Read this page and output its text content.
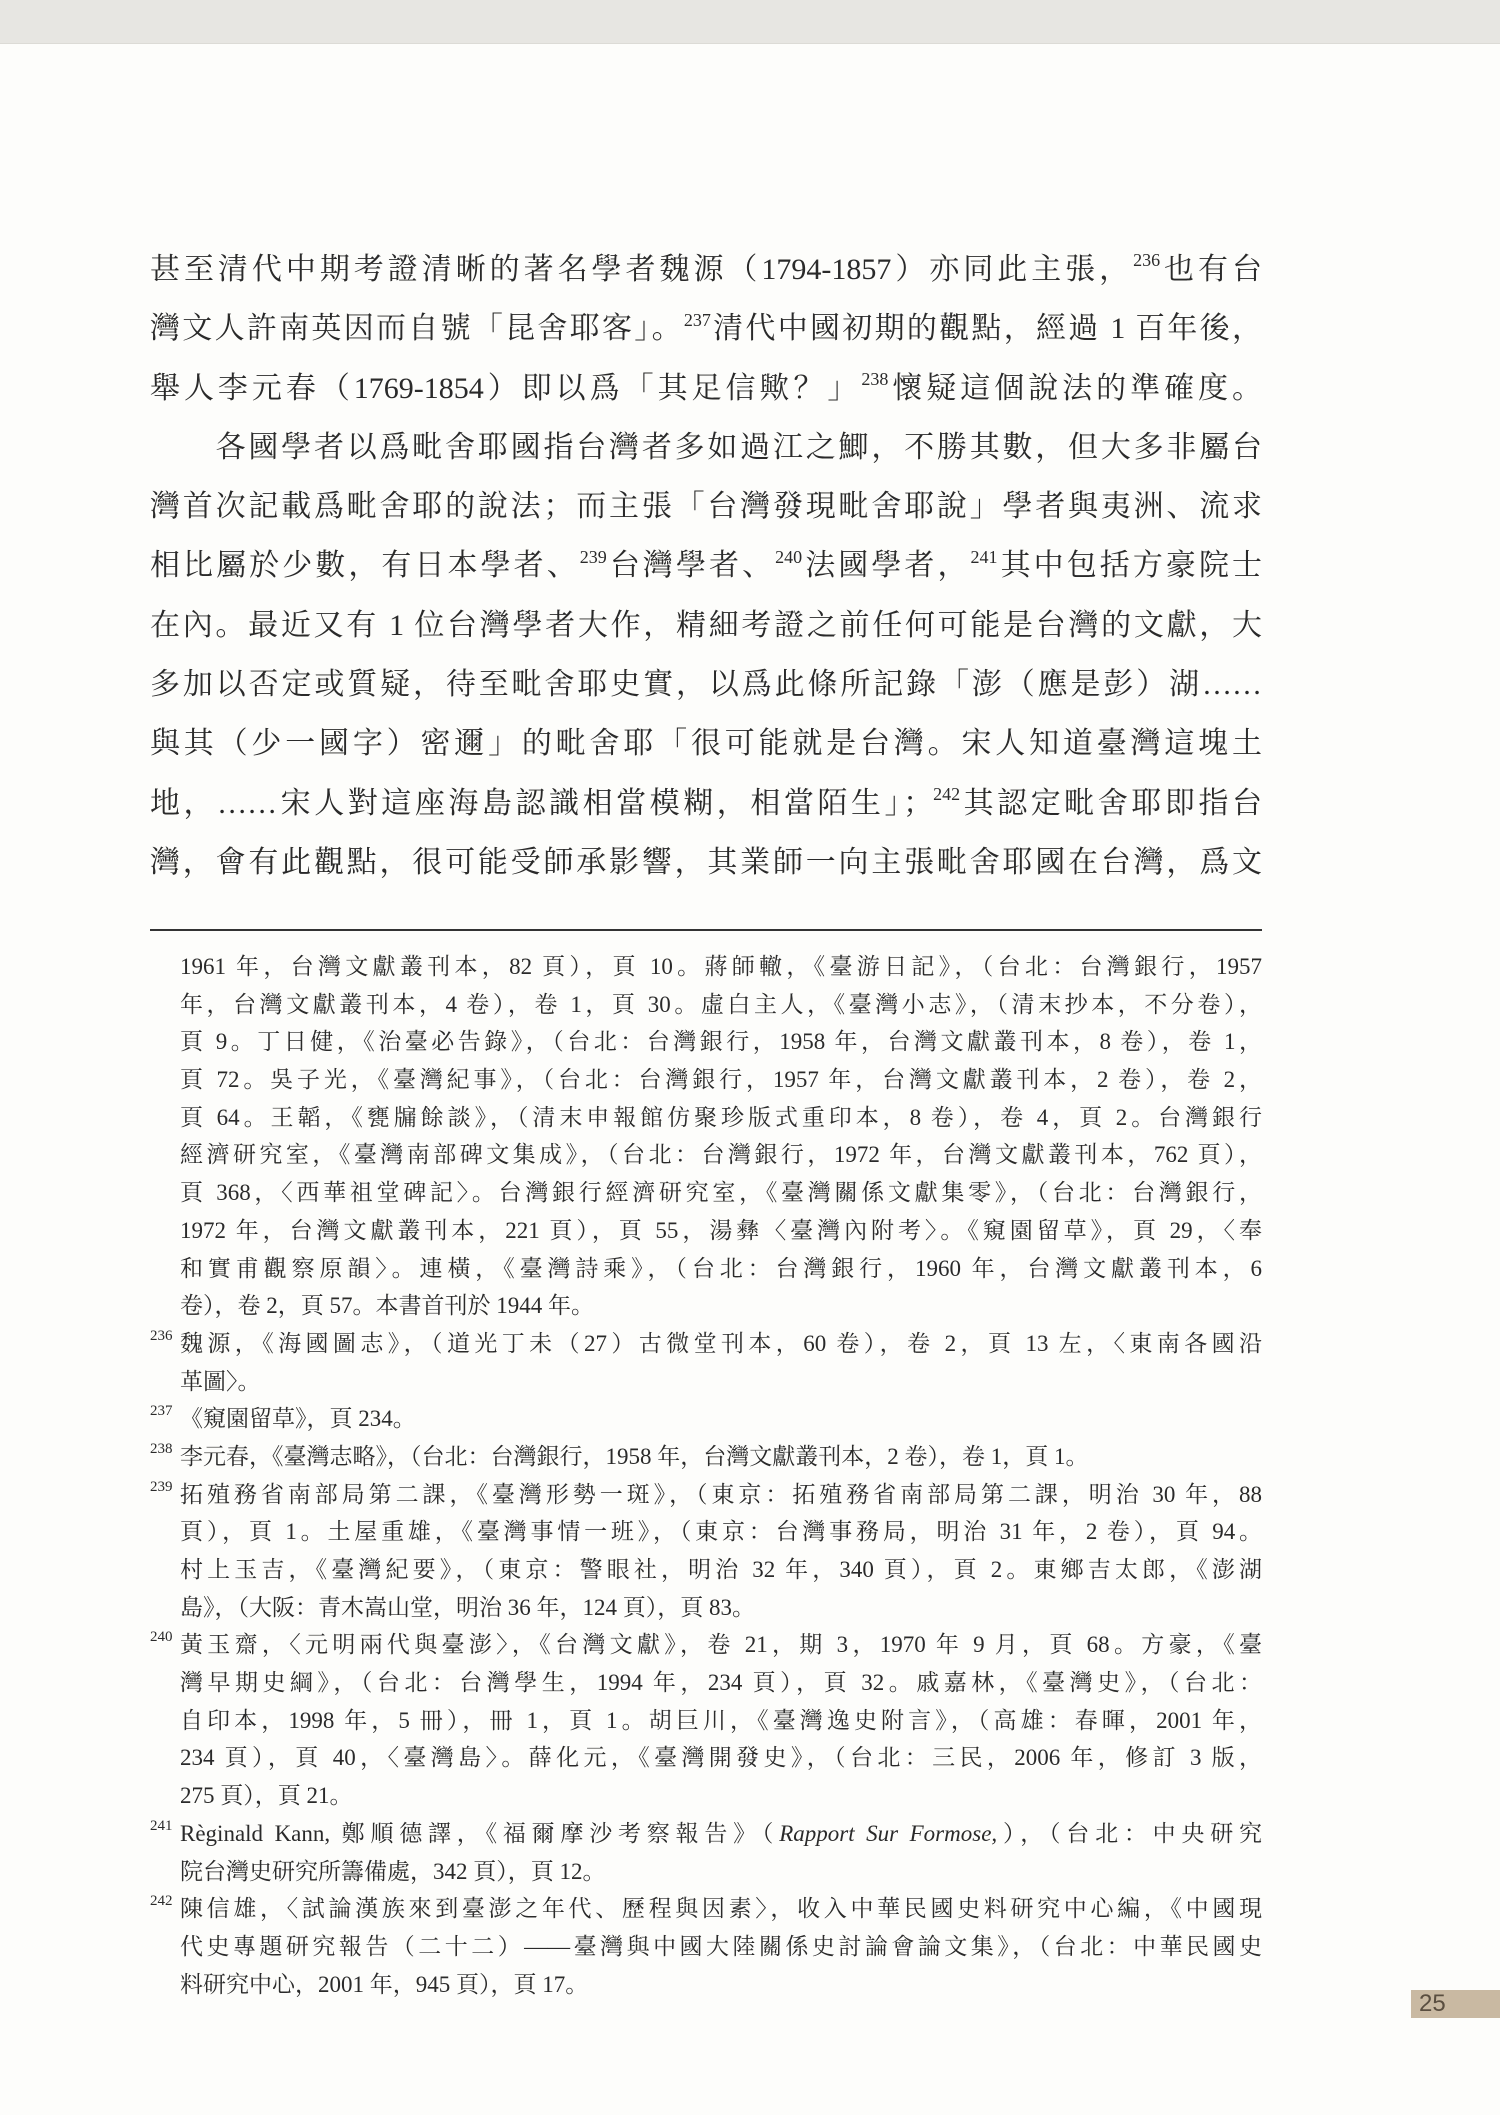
甚至清代中期考證清晰的著名學者魏源（1794-1857）亦同此主張，$^{236}$也有台
灣文人許南英因而自號「昆舍耶客」。$^{237}$清代中國初期的觀點，經過 1 百年後，
舉人李元春（1769-1854）即以爲「其足信歟？」$^{238}$懷疑這個說法的準確度。
　　各國學者以爲毗舍耶國指台灣者多如過江之鯽，不勝其數，但大多非屬台
灣首次記載爲毗舍耶的說法；而主張「台灣發現毗舍耶說」學者與夷洲、流求
相比屬於少數，有日本學者、$^{239}$台灣學者、$^{240}$法國學者，$^{241}$其中包括方豪院士
在內。最近又有 1 位台灣學者大作，精細考證之前任何可能是台灣的文獻，大
多加以否定或質疑，待至毗舍耶史實，以爲此條所記錄「澎（應是彭）湖……
與其（少一國字）密邇」的毗舍耶「很可能就是台灣。宋人知道臺灣這塊土
地，……宋人對這座海島認識相當模糊，相當陌生」；$^{242}$其認定毗舍耶即指台
灣，會有此觀點，很可能受師承影響，其業師一向主張毗舍耶國在台灣，爲文
1961 年，台灣文獻叢刊本，82 頁），頁 10。蔣師轍，《臺游日記》，（台北：台灣銀行，1957
年，台灣文獻叢刊本，4 卷），卷 1，頁 30。虛白主人，《臺灣小志》，（清末抄本，不分卷），
頁 9。丁日健，《治臺必告錄》，（台北：台灣銀行，1958 年，台灣文獻叢刊本，8 卷），卷 1，
頁 72。吳子光，《臺灣紀事》，（台北：台灣銀行，1957 年，台灣文獻叢刊本，2 卷），卷 2，
頁 64。王韜，《甕牖餘談》，（清末申報館仿聚珍版式重印本，8 卷），卷 4，頁 2。台灣銀行
經濟研究室，《臺灣南部碑文集成》，（台北：台灣銀行，1972 年，台灣文獻叢刊本，762 頁），
頁 368，〈西華祖堂碑記〉。台灣銀行經濟研究室，《臺灣關係文獻集零》，（台北：台灣銀行，
1972 年，台灣文獻叢刊本，221 頁），頁 55，湯彝〈臺灣內附考〉。《窺園留草》，頁 29，〈奉
和實甫觀察原韻〉。連橫，《臺灣詩乘》，（台北：台灣銀行，1960 年，台灣文獻叢刊本，6
卷），卷 2，頁 57。本書首刊於 1944 年。
236 魏源，《海國圖志》，（道光丁未（27）古微堂刊本，60 卷），卷 2，頁 13 左，〈東南各國沿
革圖〉。
237 《窺園留草》，頁 234。
238 李元春，《臺灣志略》，（台北：台灣銀行，1958 年，台灣文獻叢刊本，2 卷），卷 1，頁 1。
239 拓殖務省南部局第二課，《臺灣形勢一斑》，（東京：拓殖務省南部局第二課，明治 30 年，88
頁），頁 1。土屋重雄，《臺灣事情一班》，（東京：台灣事務局，明治 31 年，2 卷），頁 94。
村上玉吉，《臺灣紀要》，（東京：警眼社，明治 32 年，340 頁），頁 2。東鄉吉太郎，《澎湖
島》，（大阪：青木嵩山堂，明治 36 年，124 頁），頁 83。
240 黃玉齋，〈元明兩代與臺澎〉，《台灣文獻》，卷 21，期 3，1970 年 9 月，頁 68。方豪，《臺
灣早期史綱》，（台北：台灣學生，1994 年，234 頁），頁 32。戚嘉林，《臺灣史》，（台北：
自印本，1998 年，5 冊），冊 1，頁 1。胡巨川，《臺灣逸史附言》，（高雄：春暉，2001 年，
234 頁），頁 40，〈臺灣島〉。薛化元，《臺灣開發史》，（台北：三民，2006 年，修訂 3 版，
275 頁），頁 21。
241 Règinald Kann, 鄭順德譯，《福爾摩沙考察報告》（Rapport Sur Formose,），（台北：中央研究
院台灣史研究所籌備處，342 頁），頁 12。
242 陳信雄，〈試論漢族來到臺澎之年代、歷程與因素〉，收入中華民國史料研究中心編，《中國現
代史專題研究報告（二十二）——臺灣與中國大陸關係史討論會論文集》，（台北：中華民國史
料研究中心，2001 年，945 頁），頁 17。
25
